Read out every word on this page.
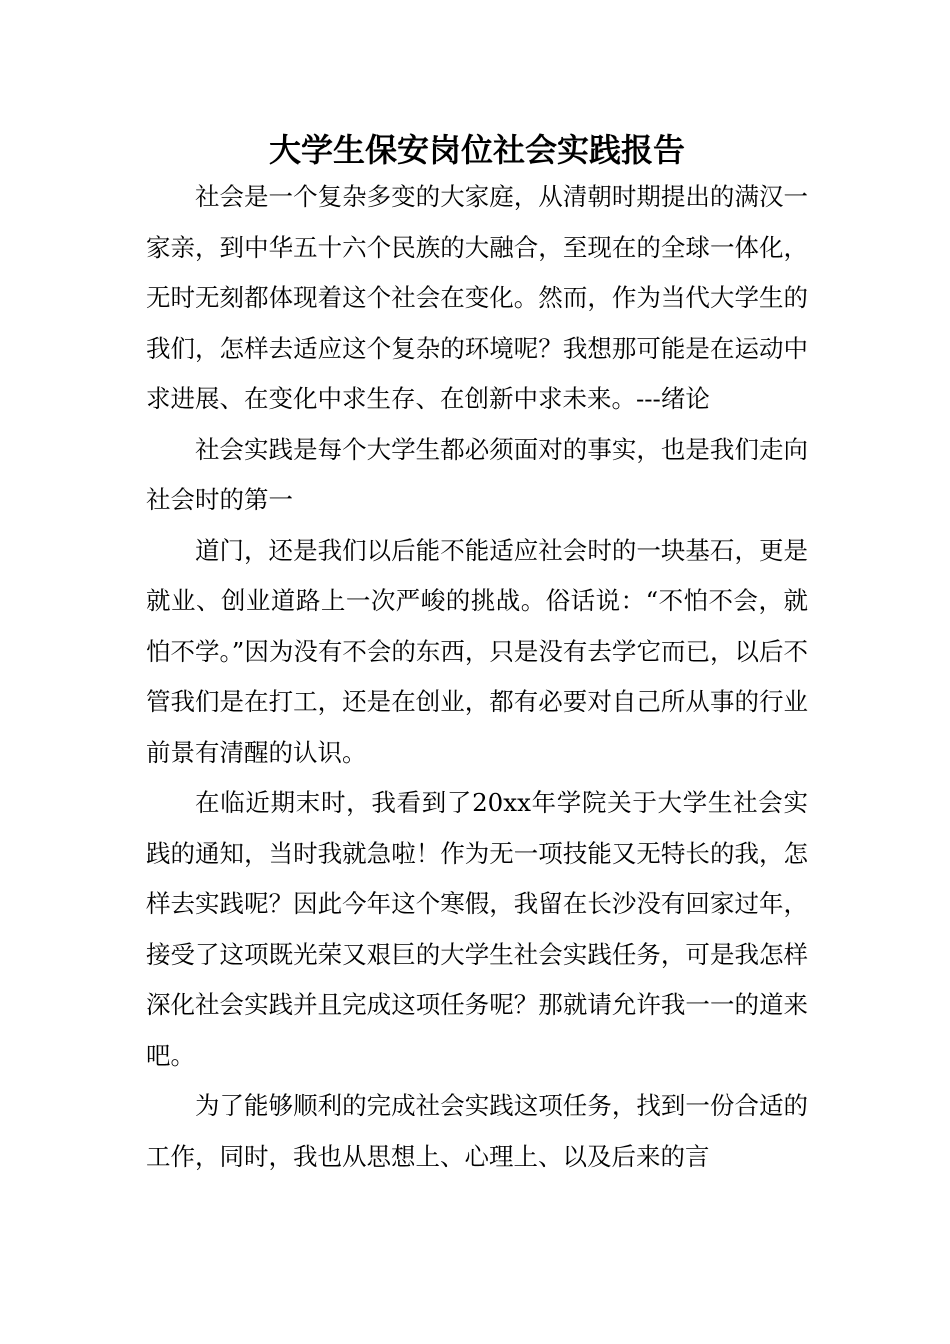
大学生保安岗位社会实践报告

社会是一个复杂多变的大家庭，从清朝时期提出的满汉一家亲，到中华五十六个民族的大融合，至现在的全球一体化，无时无刻都体现着这个社会在变化。然而，作为当代大学生的我们，怎样去适应这个复杂的环境呢？我想那可能是在运动中求进展、在变化中求生存、在创新中求未来。---绪论

社会实践是每个大学生都必须面对的事实，也是我们走向社会时的第一

道门，还是我们以后能不能适应社会时的一块基石，更是就业、创业道路上一次严峻的挑战。俗话说：“不怕不会，就怕不学。”因为没有不会的东西，只是没有去学它而已，以后不管我们是在打工，还是在创业，都有必要对自己所从事的行业前景有清醒的认识。

在临近期末时，我看到了20xx年学院关于大学生社会实践的通知，当时我就急啦！作为无一项技能又无特长的我，怎样去实践呢？因此今年这个寒假，我留在长沙没有回家过年，接受了这项既光荣又艰巨的大学生社会实践任务，可是我怎样深化社会实践并且完成这项任务呢？那就请允许我一一的道来吧。

为了能够顺利的完成社会实践这项任务，找到一份合适的工作，同时，我也从思想上、心理上、以及后来的言
